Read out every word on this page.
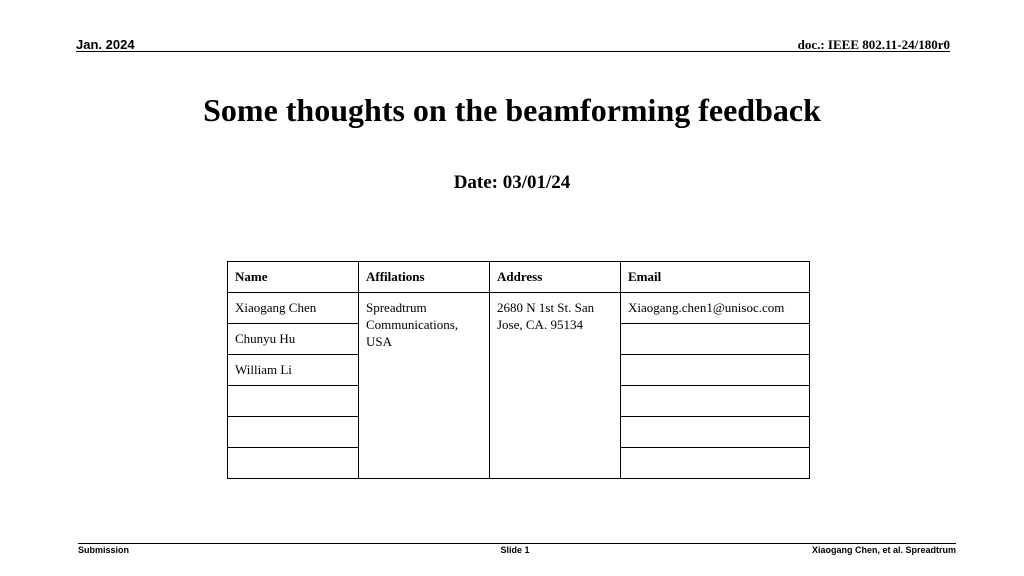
Jan. 2024	doc.: IEEE 802.11-24/180r0
Some thoughts on the beamforming feedback
Date: 03/01/24
Name	Affilations	Address	Email
Xiaogang Chen	Spreadtrum Communications, USA	2680 N 1st St. San Jose, CA. 95134	Xiaogang.chen1@unisoc.com
Chunyu Hu			
William Li			

Submission	Slide 1	Xiaogang Chen, et al. Spreadtrum
